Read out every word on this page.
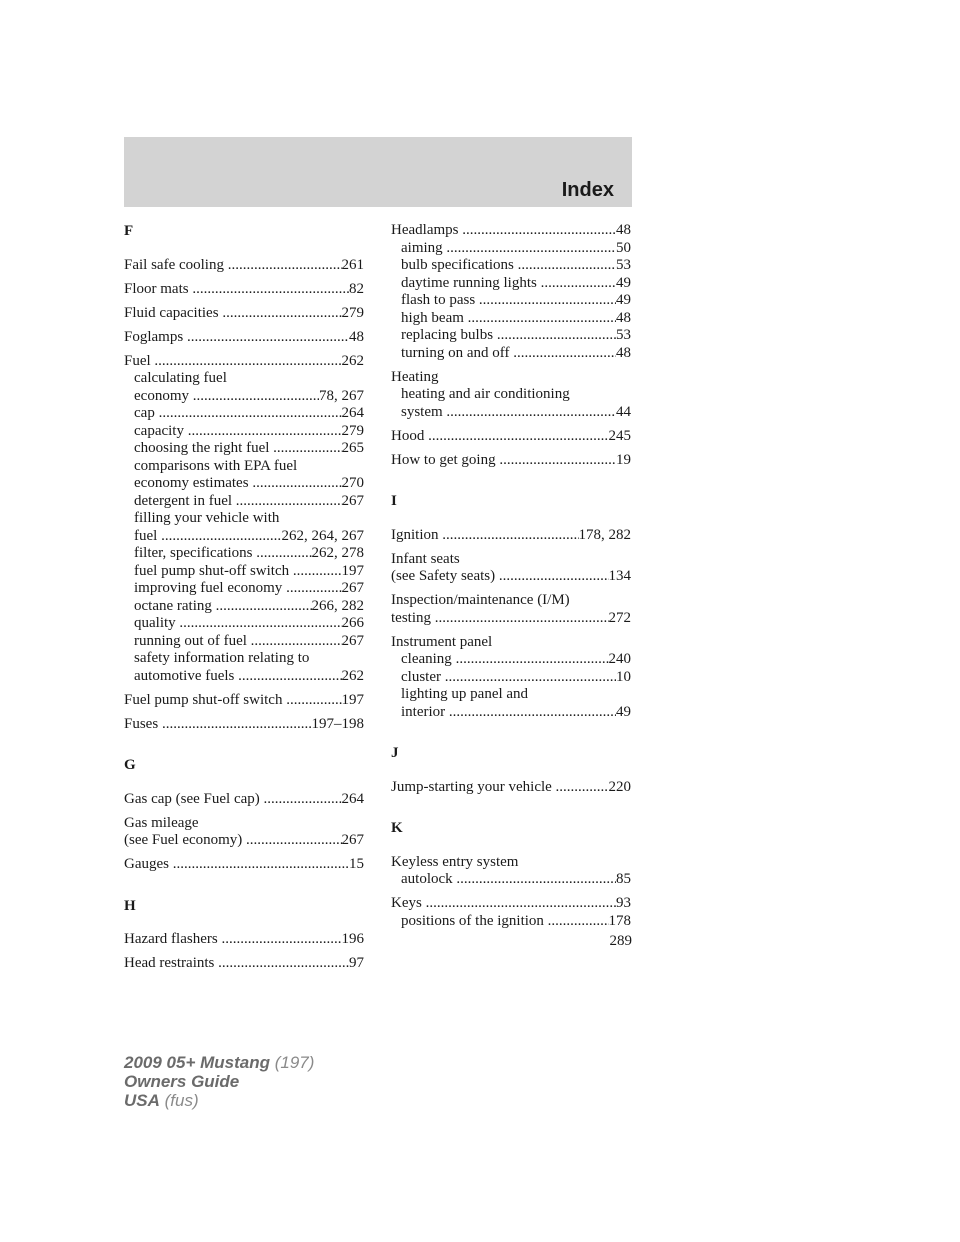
Index
F
Fail safe cooling .....	261
Floor mats .....	82
Fluid capacities .....	279
Foglamps .....	48
Fuel .....	262
calculating fuel
economy .....	78, 267
cap .....	264
capacity .....	279
choosing the right fuel .....	265
comparisons with EPA fuel
economy estimates .....	270
detergent in fuel .....	267
filling your vehicle with
fuel .....	262, 264, 267
filter, specifications .....	262, 278
fuel pump shut-off switch .....	197
improving fuel economy .....	267
octane rating .....	266, 282
quality .....	266
running out of fuel .....	267
safety information relating to
automotive fuels .....	262
Fuel pump shut-off switch .....	197
Fuses .....	197–198
G
Gas cap (see Fuel cap) .....	264
Gas mileage
(see Fuel economy) .....	267
Gauges .....	15
H
Hazard flashers .....	196
Head restraints .....	97
Headlamps .....	48
aiming .....	50
bulb specifications .....	53
daytime running lights .....	49
flash to pass .....	49
high beam .....	48
replacing bulbs .....	53
turning on and off .....	48
Heating
heating and air conditioning
system .....	44
Hood .....	245
How to get going .....	19
I
Ignition .....	178, 282
Infant seats
(see Safety seats) .....	134
Inspection/maintenance (I/M)
testing .....	272
Instrument panel
cleaning .....	240
cluster .....	10
lighting up panel and
interior .....	49
J
Jump-starting your vehicle .....	220
K
Keyless entry system
autolock .....	85
Keys .....	93
positions of the ignition .....	178
289
2009 05+ Mustang (197)
Owners Guide
USA (fus)
